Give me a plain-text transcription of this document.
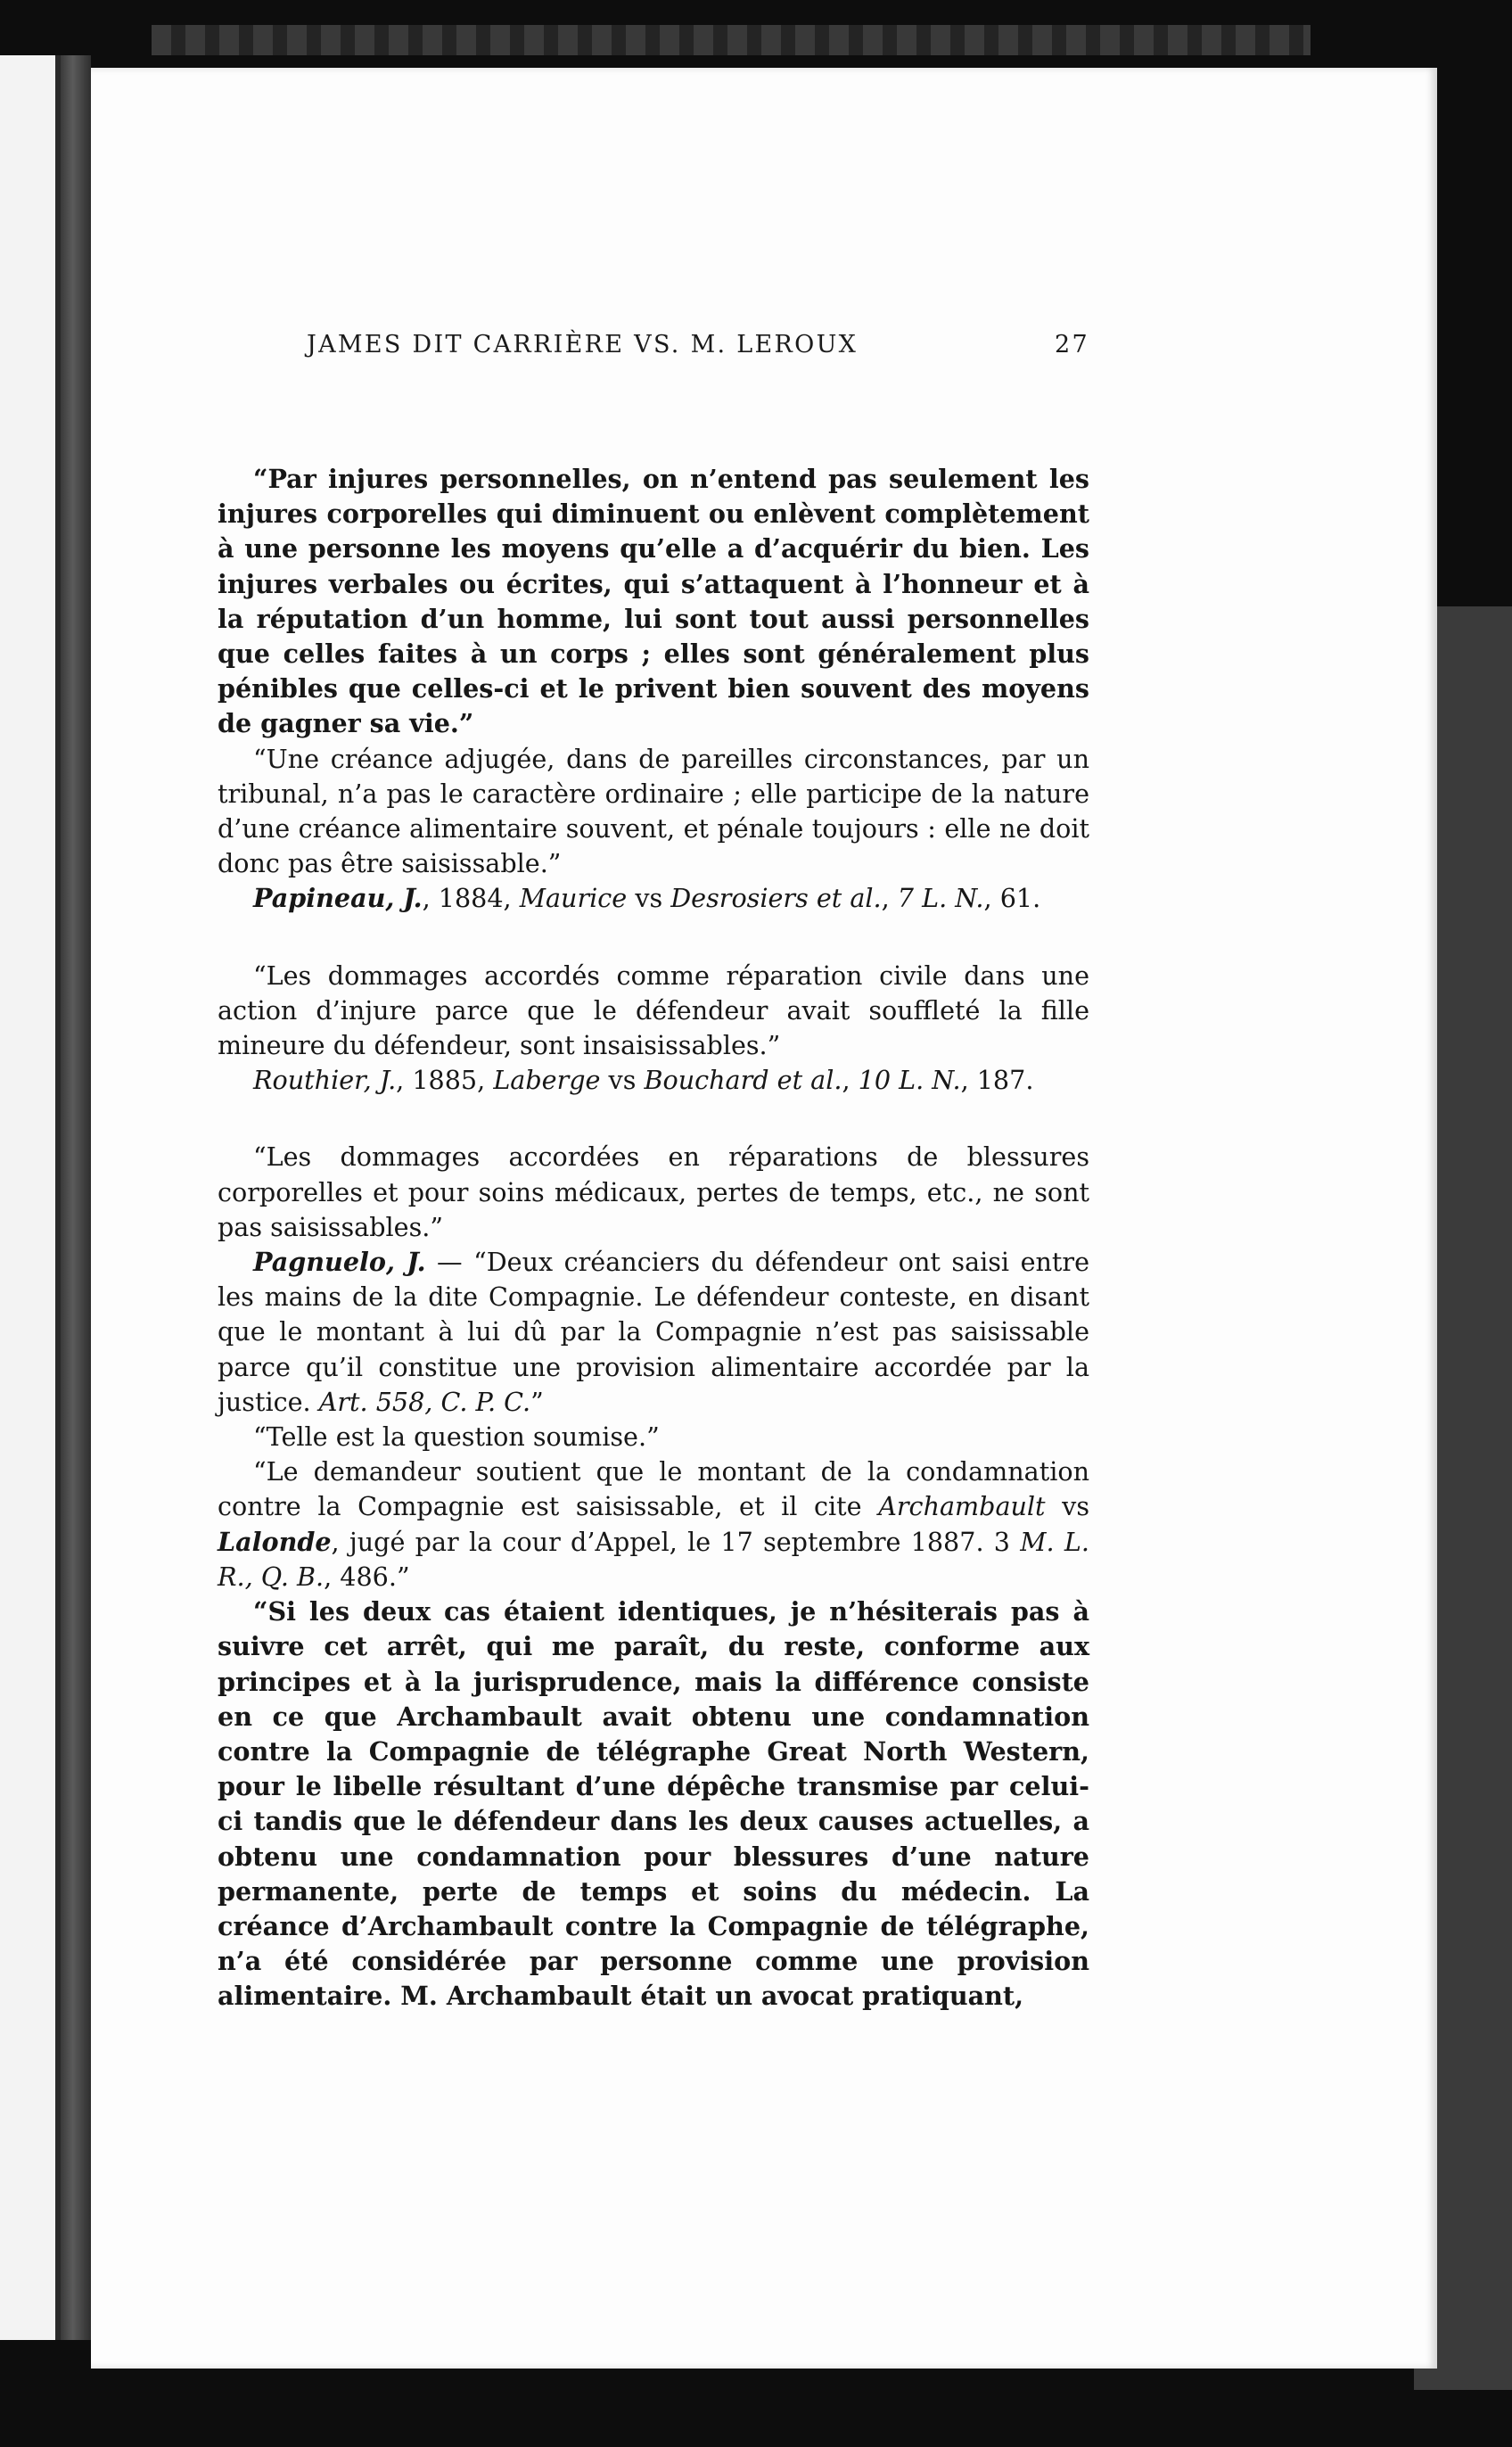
JAMES DIT CARRIÈRE VS. M. LEROUX	27

“Par injures personnelles, on n’entend pas seulement les injures corporelles qui diminuent ou enlèvent complètement à une personne les moyens qu’elle a d’acquérir du bien. Les injures verbales ou écrites, qui s’attaquent à l’honneur et à la réputation d’un homme, lui sont tout aussi personnelles que celles faites à un corps ; elles sont généralement plus pénibles que celles-ci et le privent bien souvent des moyens de gagner sa vie.”

“Une créance adjugée, dans de pareilles circonstances, par un tribunal, n’a pas le caractère ordinaire ; elle participe de la nature d’une créance alimentaire souvent, et pénale toujours : elle ne doit donc pas être saisissable.”

Papineau, J., 1884, Maurice vs Desrosiers et al., 7 L. N., 61.

“Les dommages accordés comme réparation civile dans une action d’injure parce que le défendeur avait souffleté la fille mineure du défendeur, sont insaisissables.”

Routhier, J., 1885, Laberge vs Bouchard et al., 10 L. N., 187.

“Les dommages accordées en réparations de blessures corporelles et pour soins médicaux, pertes de temps, etc., ne sont pas saisissables.”

Pagnuelo, J. — “Deux créanciers du défendeur ont saisi entre les mains de la dite Compagnie. Le défendeur conteste, en disant que le montant à lui dû par la Compagnie n’est pas saisissable parce qu’il constitue une provision alimentaire accordée par la justice. Art. 558, C. P. C.”

“Telle est la question soumise.”

“Le demandeur soutient que le montant de la condamnation contre la Compagnie est saisissable, et il cite Archambault vs Lalonde, jugé par la cour d’Appel, le 17 septembre 1887. 3 M. L. R., Q. B., 486.”

“Si les deux cas étaient identiques, je n’hésiterais pas à suivre cet arrêt, qui me paraît, du reste, conforme aux principes et à la jurisprudence, mais la différence consiste en ce que Archambault avait obtenu une condamnation contre la Compagnie de télégraphe Great North Western, pour le libelle résultant d’une dépêche transmise par celui-ci tandis que le défendeur dans les deux causes actuelles, a obtenu une condamnation pour blessures d’une nature permanente, perte de temps et soins du médecin. La créance d’Archambault contre la Compagnie de télégraphe, n’a été considérée par personne comme une provision alimentaire. M. Archambault était un avocat pratiquant,
